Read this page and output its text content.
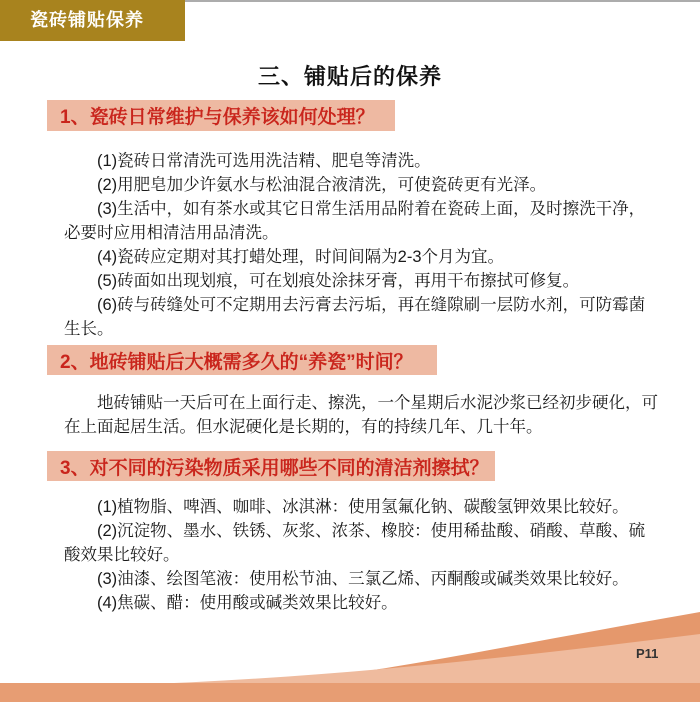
瓷砖铺贴保养
三、铺贴后的保养
1、瓷砖日常维护与保养该如何处理？

(1)瓷砖日常清洗可选用洗洁精、肥皂等清洗。

(2)用肥皂加少许氨水与松油混合液清洗，可使瓷砖更有光泽。

(3)生活中，如有茶水或其它日常生活用品附着在瓷砖上面，及时擦洗干净，必要时应用相清洁用品清洗。

(4)瓷砖应定期对其打蜡处理，时间间隔为2-3个月为宜。

(5)砖面如出现划痕，可在划痕处涂抹牙膏，再用干布擦拭可修复。

(6)砖与砖缝处可不定期用去污膏去污垢，再在缝隙刷一层防水剂，可防霉菌生长。

2、地砖铺贴后大概需多久的“养瓷”时间？

地砖铺贴一天后可在上面行走、擦洗，一个星期后水泥沙浆已经初步硬化，可在上面起居生活。但水泥硬化是长期的，有的持续几年、几十年。

3、对不同的污染物质采用哪些不同的清洁剂擦拭？

(1)植物脂、啤酒、咖啡、冰淇淋：使用氢氟化钠、碳酸氢钾效果比较好。

(2)沉淀物、墨水、铁锈、灰浆、浓茶、橡胶：使用稀盐酸、硝酸、草酸、硫酸效果比较好。

(3)油漆、绘图笔液：使用松节油、三氯乙烯、丙酮酸或碱类效果比较好。

(4)焦碳、醋：使用酸或碱类效果比较好。

P11
